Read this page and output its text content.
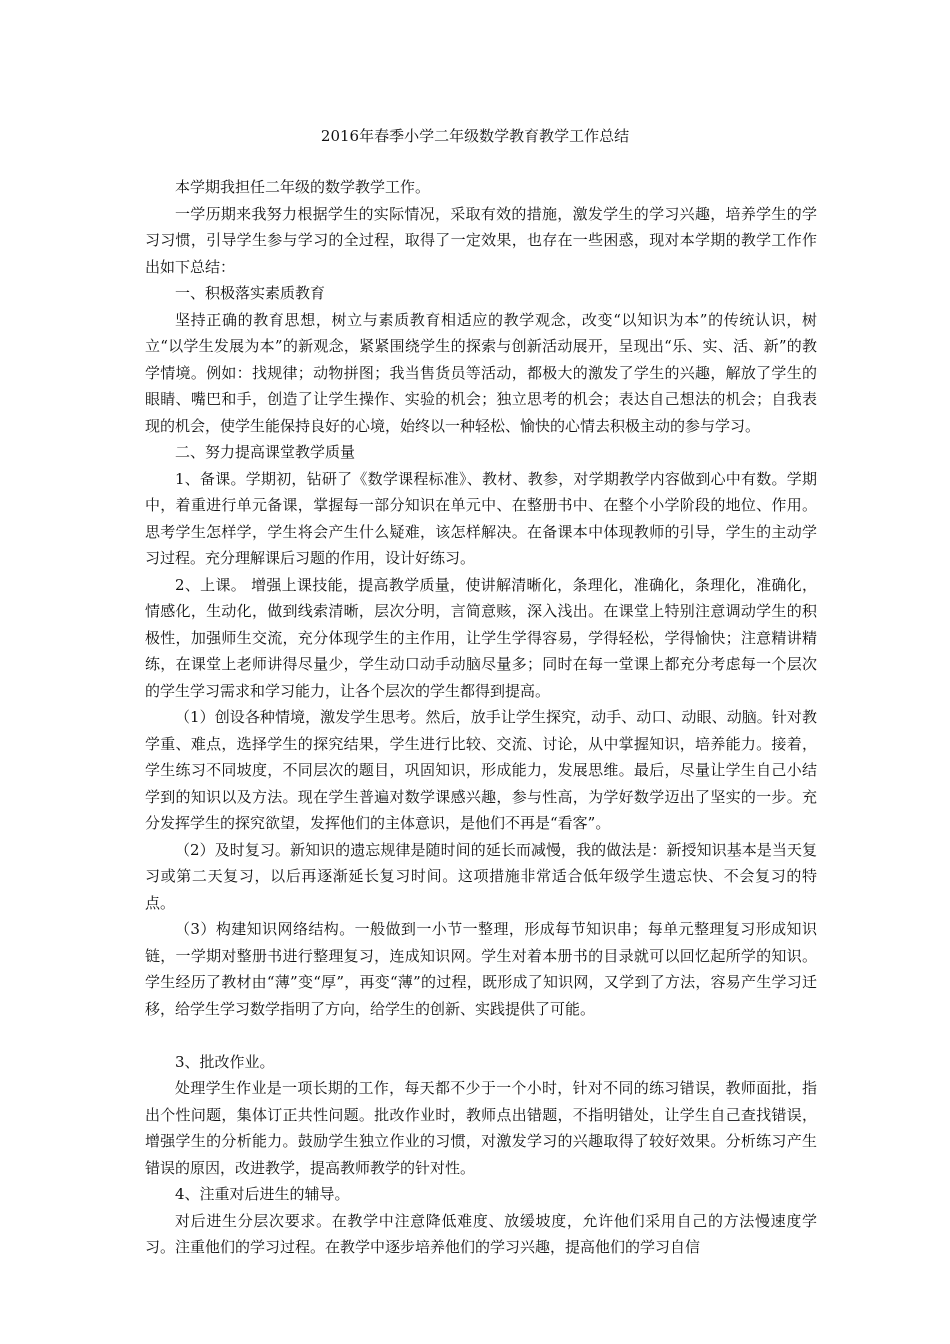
2016年春季小学二年级数学教育教学工作总结

本学期我担任二年级的数学教学工作。

一学历期来我努力根据学生的实际情况，采取有效的措施，激发学生的学习兴趣，培养学生的学习习惯，引导学生参与学习的全过程，取得了一定效果，也存在一些困惑，现对本学期的教学工作作出如下总结：

一、积极落实素质教育

坚持正确的教育思想，树立与素质教育相适应的教学观念，改变“以知识为本”的传统认识，树立“以学生发展为本”的新观念，紧紧围绕学生的探索与创新活动展开，呈现出“乐、实、活、新”的教学情境。例如：找规律；动物拼图；我当售货员等活动，都极大的激发了学生的兴趣，解放了学生的眼睛、嘴巴和手，创造了让学生操作、实验的机会；独立思考的机会；表达自己想法的机会；自我表现的机会，使学生能保持良好的心境，始终以一种轻松、愉快的心情去积极主动的参与学习。

二、努力提高课堂教学质量

1、备课。学期初，钻研了《数学课程标准》、教材、教参，对学期教学内容做到心中有数。学期中，着重进行单元备课，掌握每一部分知识在单元中、在整册书中、在整个小学阶段的地位、作用。思考学生怎样学，学生将会产生什么疑难，该怎样解决。在备课本中体现教师的引导，学生的主动学习过程。充分理解课后习题的作用，设计好练习。

2、上课。 增强上课技能，提高教学质量，使讲解清晰化，条理化，准确化，条理化，准确化，情感化，生动化，做到线索清晰，层次分明，言简意赅，深入浅出。在课堂上特别注意调动学生的积极性，加强师生交流，充分体现学生的主作用，让学生学得容易，学得轻松，学得愉快；注意精讲精练，在课堂上老师讲得尽量少，学生动口动手动脑尽量多；同时在每一堂课上都充分考虑每一个层次的学生学习需求和学习能力，让各个层次的学生都得到提高。

（1）创设各种情境，激发学生思考。然后，放手让学生探究，动手、动口、动眼、动脑。针对教学重、难点，选择学生的探究结果，学生进行比较、交流、讨论，从中掌握知识，培养能力。接着，学生练习不同坡度，不同层次的题目，巩固知识，形成能力，发展思维。最后，尽量让学生自己小结学到的知识以及方法。现在学生普遍对数学课感兴趣，参与性高，为学好数学迈出了坚实的一步。充分发挥学生的探究欲望，发挥他们的主体意识，是他们不再是“看客”。

（2）及时复习。新知识的遗忘规律是随时间的延长而减慢，我的做法是：新授知识基本是当天复习或第二天复习，以后再逐渐延长复习时间。这项措施非常适合低年级学生遗忘快、不会复习的特点。

（3）构建知识网络结构。一般做到一小节一整理，形成每节知识串；每单元整理复习形成知识链，一学期对整册书进行整理复习，连成知识网。学生对着本册书的目录就可以回忆起所学的知识。学生经历了教材由“薄”变“厚”，再变“薄”的过程，既形成了知识网，又学到了方法，容易产生学习迁移，给学生学习数学指明了方向，给学生的创新、实践提供了可能。

3、批改作业。

处理学生作业是一项长期的工作，每天都不少于一个小时，针对不同的练习错误，教师面批，指出个性问题，集体订正共性问题。批改作业时，教师点出错题，不指明错处，让学生自己查找错误，增强学生的分析能力。鼓励学生独立作业的习惯，对激发学习的兴趣取得了较好效果。分析练习产生错误的原因，改进教学，提高教师教学的针对性。

4、注重对后进生的辅导。

对后进生分层次要求。在教学中注意降低难度、放缓坡度，允许他们采用自己的方法慢速度学习。注重他们的学习过程。在教学中逐步培养他们的学习兴趣，提高他们的学习自信
